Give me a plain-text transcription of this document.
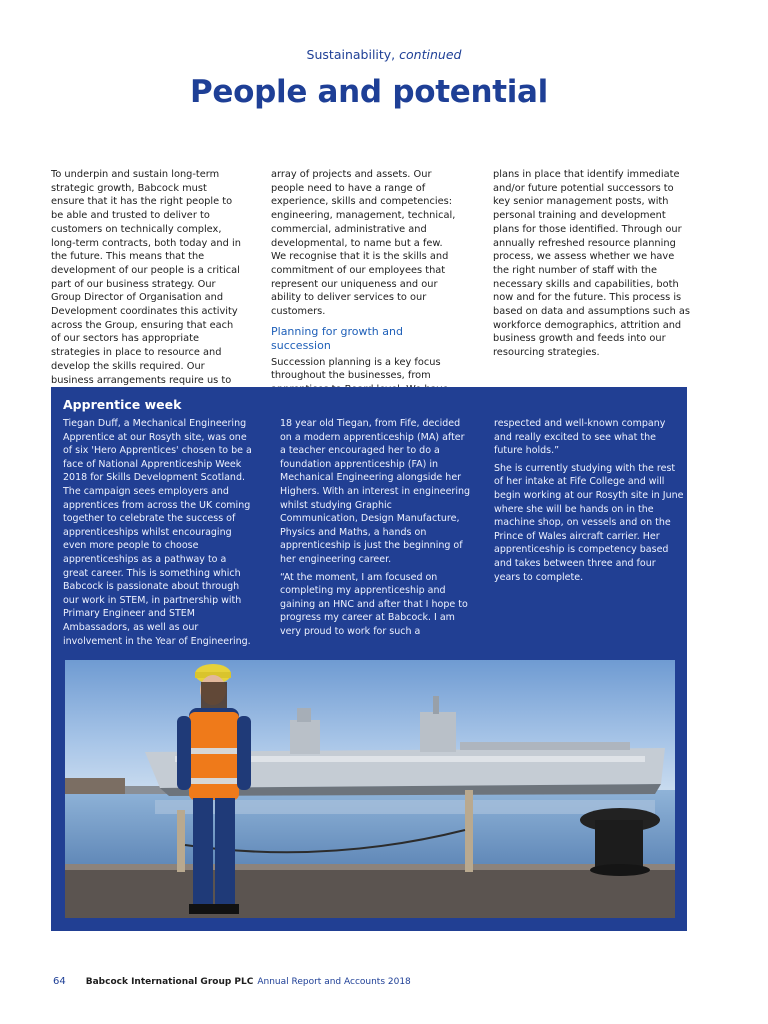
Sustainability, continued
People and potential

To underpin and sustain long-term strategic growth, Babcock must ensure that it has the right people to be able and trusted to deliver to customers on technically complex, long-term contracts, both today and in the future. This means that the development of our people is a critical part of our business strategy. Our Group Director of Organisation and Development coordinates this activity across the Group, ensuring that each of our sectors has appropriate strategies in place to resource and develop the skills required. Our business arrangements require us to

array of projects and assets. Our people need to have a range of experience, skills and competencies: engineering, management, technical, commercial, administrative and developmental, to name but a few.

We recognise that it is the skills and commitment of our employees that represent our uniqueness and our ability to deliver services to our customers.

Planning for growth and succession

Succession planning is a key focus throughout the businesses, from

plans in place that identify immediate and/or future potential successors to key senior management posts, with personal training and development plans for those identified. Through our annually refreshed resource planning process, we assess whether we have the right number of staff with the necessary skills and capabilities, both now and for the future. This process is based on data and assumptions such as workforce demographics, attrition and business growth and feeds into our resourcing strategies.

Apprentice week

Tiegan Duff, a Mechanical Engineering Apprentice at our Rosyth site, was one of six 'Hero Apprentices' chosen to be a face of National Apprenticeship Week 2018 for Skills Development Scotland. The campaign sees employers and apprentices from across the UK coming together to celebrate the success of apprenticeships whilst encouraging even more people to choose apprenticeships as a pathway to a great career. This is something which Babcock is passionate about through our work in STEM, in partnership with Primary Engineer and STEM Ambassadors, as well as our involvement in the Year of Engineering.

18 year old Tiegan, from Fife, decided on a modern apprenticeship (MA) after a teacher encouraged her to do a foundation apprenticeship (FA) in Mechanical Engineering alongside her Highers. With an interest in engineering whilst studying Graphic Communication, Design Manufacture, Physics and Maths, a hands on apprenticeship is just the beginning of her engineering career.

“At the moment, I am focused on completing my apprenticeship and gaining an HNC and after that I hope to progress my career at Babcock. I am very proud to work for such a

respected and well-known company and really excited to see what the future holds.”

She is currently studying with the rest of her intake at Fife College and will begin working at our Rosyth site in June where she will be hands on in the machine shop, on vessels and on the Prince of Wales aircraft carrier. Her apprenticeship is competency based and takes between three and four years to complete.

64 Babcock International Group PLC Annual Report and Accounts 2018
